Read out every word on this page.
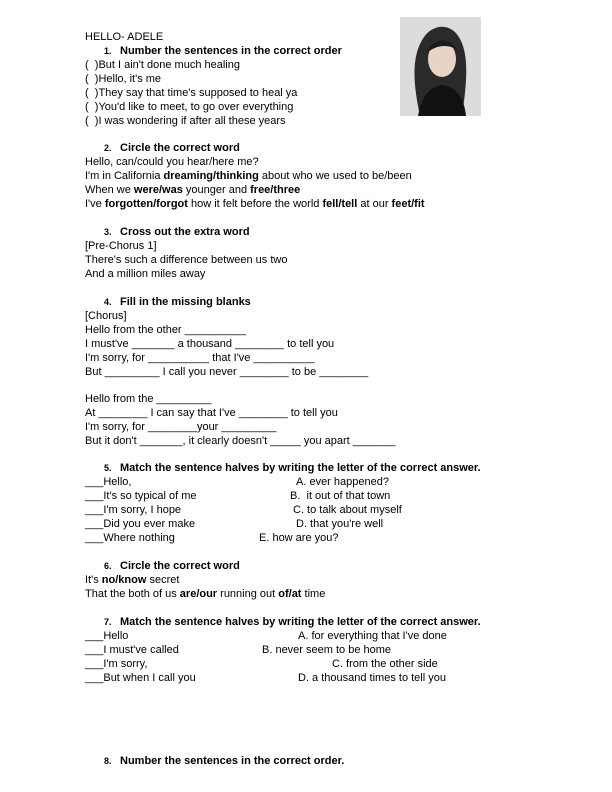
HELLO- ADELE
1. Number the sentences in the correct order
(  )But I ain't done much healing
(  )Hello, it's me
(  )They say that time's supposed to heal ya
(  )You'd like to meet, to go over everything
(  )I was wondering if after all these years
2. Circle the correct word
Hello, can/could you hear/here me?
I'm in California dreaming/thinking about who we used to be/been
When we were/was younger and free/three
I've forgotten/forgot how it felt before the world fell/tell at our feet/fit
3. Cross out the extra word
[Pre-Chorus 1]
There's such a difference between us two
And a million miles away
4. Fill in the missing blanks
[Chorus]
Hello from the other __________
I must've _______ a thousand ________ to tell you
I'm sorry, for __________ that I've __________
But _________ I call you never ________ to be ________
Hello from the _________
At ________ I can say that I've ________ to tell you
I'm sorry, for ________your _________
But it don't _______, it clearly doesn't _____ you apart _______
5. Match the sentence halves by writing the letter of the correct answer.
___Hello,
___It's so typical of me
___I'm sorry, I hope
___Did you ever make
___Where nothing
A. ever happened?
B.  it out of that town
C. to talk about myself
D. that you're well
E. how are you?
6. Circle the correct word
It's no/know secret
That the both of us are/our running out of/at time
7. Match the sentence halves by writing the letter of the correct answer.
___Hello
___I must've called
___I'm sorry,
___But when I call you
A. for everything that I've done
B. never seem to be home
C. from the other side
D. a thousand times to tell you
8. Number the sentences in the correct order.
